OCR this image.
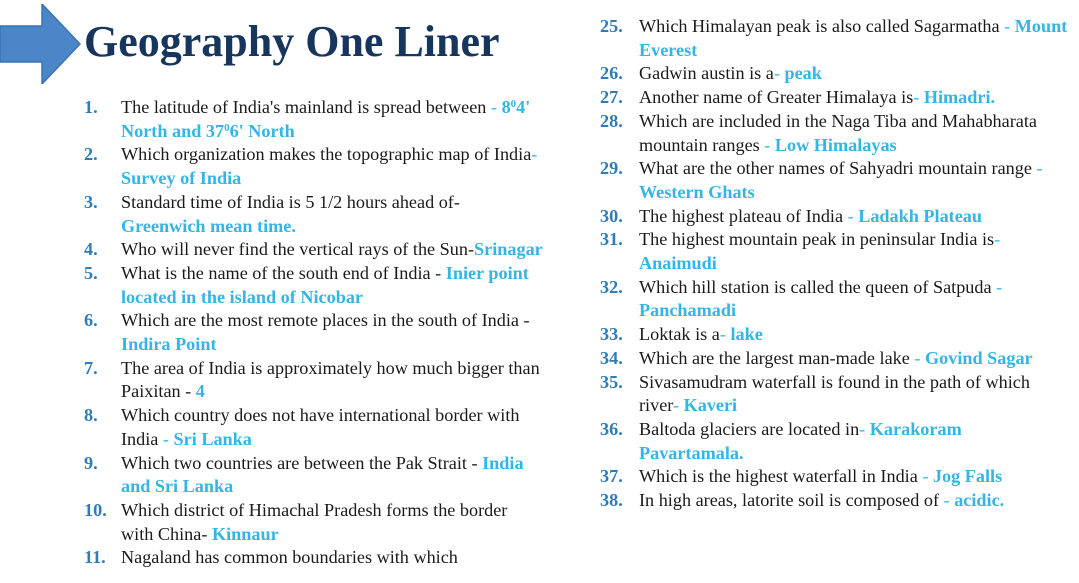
Geography One Liner
1. The latitude of India's mainland is spread between - $8^04'$ North and $37^06'$ North
2. Which organization makes the topographic map of India- Survey of India
3. Standard time of India is 5 1/2 hours ahead of-Greenwich mean time.
4. Who will never find the vertical rays of the Sun-Srinagar
5. What is the name of the south end of India - Inier point located in the island of Nicobar
6. Which are the most remote places in the south of India - Indira Point
7. The area of India is approximately how much bigger than Paixitan - 4
8. Which country does not have international border with India - Sri Lanka
9. Which two countries are between the Pak Strait - India and Sri Lanka
10. Which district of Himachal Pradesh forms the border with China- Kinnaur
11. Nagaland has common boundaries with which
25. Which Himalayan peak is also called Sagarmatha - Mount Everest
26. Gadwin austin is a- peak
27. Another name of Greater Himalaya is- Himadri.
28. Which are included in the Naga Tiba and Mahabharata mountain ranges - Low Himalayas
29. What are the other names of Sahyadri mountain range - Western Ghats
30. The highest plateau of India - Ladakh Plateau
31. The highest mountain peak in peninsular India is- Anaimudi
32. Which hill station is called the queen of Satpuda - Panchamadi
33. Loktak is a- lake
34. Which are the largest man-made lake - Govind Sagar
35. Sivasamudram waterfall is found in the path of which river- Kaveri
36. Baltoda glaciers are located in- Karakoram Pavartamala.
37. Which is the highest waterfall in India - Jog Falls
38. In high areas, latorite soil is composed of - acidic.
